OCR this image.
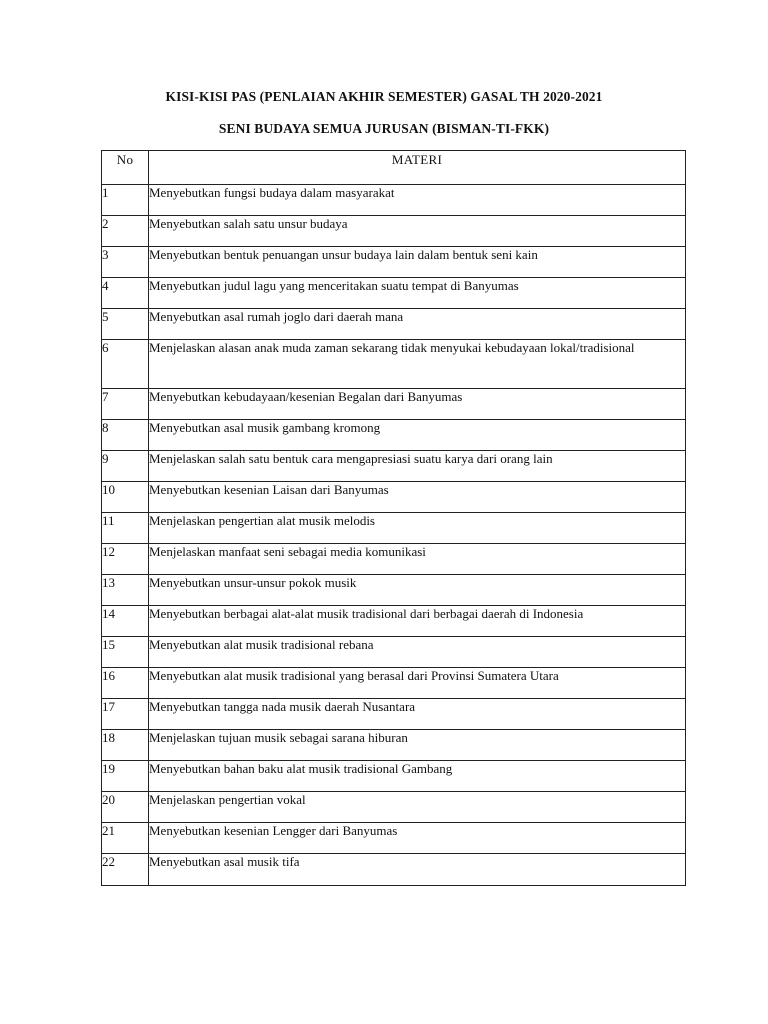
KISI-KISI PAS (PENLAIAN AKHIR SEMESTER) GASAL TH 2020-2021
SENI BUDAYA SEMUA JURUSAN (BISMAN-TI-FKK)
No	MATERI
1	Menyebutkan fungsi budaya dalam masyarakat
2	Menyebutkan salah satu unsur budaya
3	Menyebutkan bentuk penuangan unsur budaya lain dalam bentuk seni kain
4	Menyebutkan judul lagu yang menceritakan suatu tempat di Banyumas
5	Menyebutkan asal rumah joglo dari daerah mana
6	Menjelaskan alasan anak muda zaman sekarang tidak menyukai kebudayaan lokal/tradisional
7	Menyebutkan kebudayaan/kesenian Begalan dari Banyumas
8	Menyebutkan asal musik gambang kromong
9	Menjelaskan salah satu bentuk cara mengapresiasi suatu karya dari orang lain
10	Menyebutkan kesenian Laisan dari Banyumas
11	Menjelaskan pengertian alat musik melodis
12	Menjelaskan manfaat seni sebagai media komunikasi
13	Menyebutkan unsur-unsur pokok musik
14	Menyebutkan berbagai alat-alat musik tradisional dari berbagai daerah di Indonesia
15	Menyebutkan alat musik tradisional rebana
16	Menyebutkan alat musik tradisional yang berasal dari Provinsi Sumatera Utara
17	Menyebutkan tangga nada musik daerah Nusantara
18	Menjelaskan tujuan musik sebagai sarana hiburan
19	Menyebutkan bahan baku alat musik tradisional Gambang
20	Menjelaskan pengertian vokal
21	Menyebutkan kesenian Lengger dari Banyumas
22	Menyebutkan asal musik tifa
